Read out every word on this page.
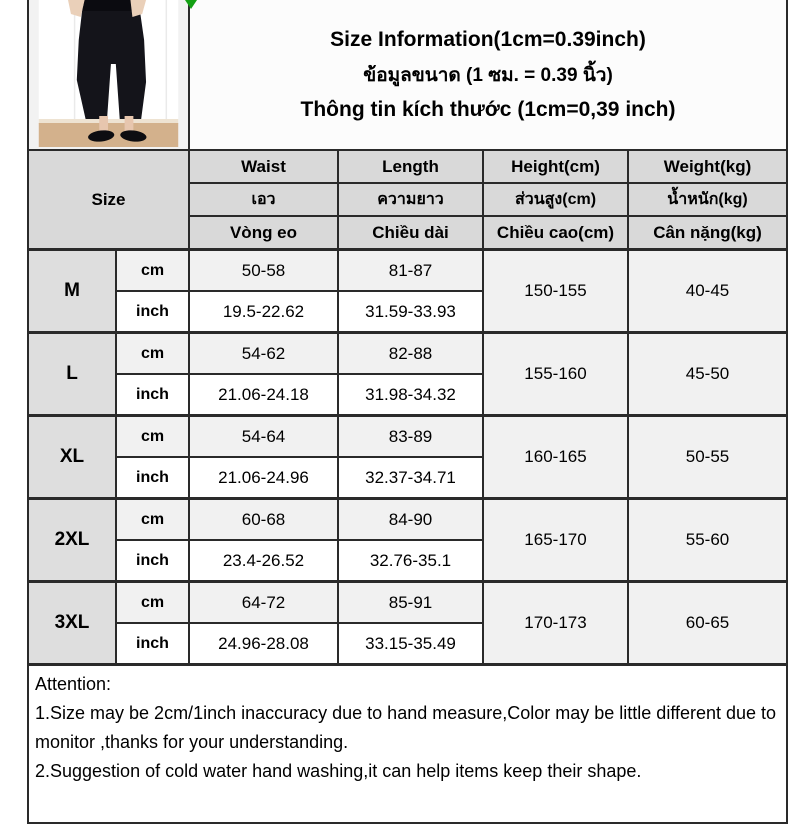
Size Information(1cm=0.39inch)
ข้อมูลขนาด (1 ซม. = 0.39 นิ้ว)
Thông tin kích thước (1cm=0,39 inch)			

Size		Waist	Length	Height(cm)	Weight(kg)
		เอว	ความยาว	ส่วนสูง(cm)	น้ำหนัก(kg)
		Vòng eo	Chiều dài	Chiều cao(cm)	Cân nặng(kg)
M	cm	50-58	81-87	150-155	40-45
	inch	19.5-22.62	31.59-33.93		
L	cm	54-62	82-88	155-160	45-50
	inch	21.06-24.18	31.98-34.32		
XL	cm	54-64	83-89	160-165	50-55
	inch	21.06-24.96	32.37-34.71		
2XL	cm	60-68	84-90	165-170	55-60
	inch	23.4-26.52	32.76-35.1		
3XL	cm	64-72	85-91	170-173	60-65
	inch	24.96-28.08	33.15-35.49		

Attention:
1.Size may be 2cm/1inch inaccuracy due to hand measure,Color may be little different due to monitor ,thanks for your understanding.
2.Suggestion of cold water hand washing,it can help items keep their shape.					
